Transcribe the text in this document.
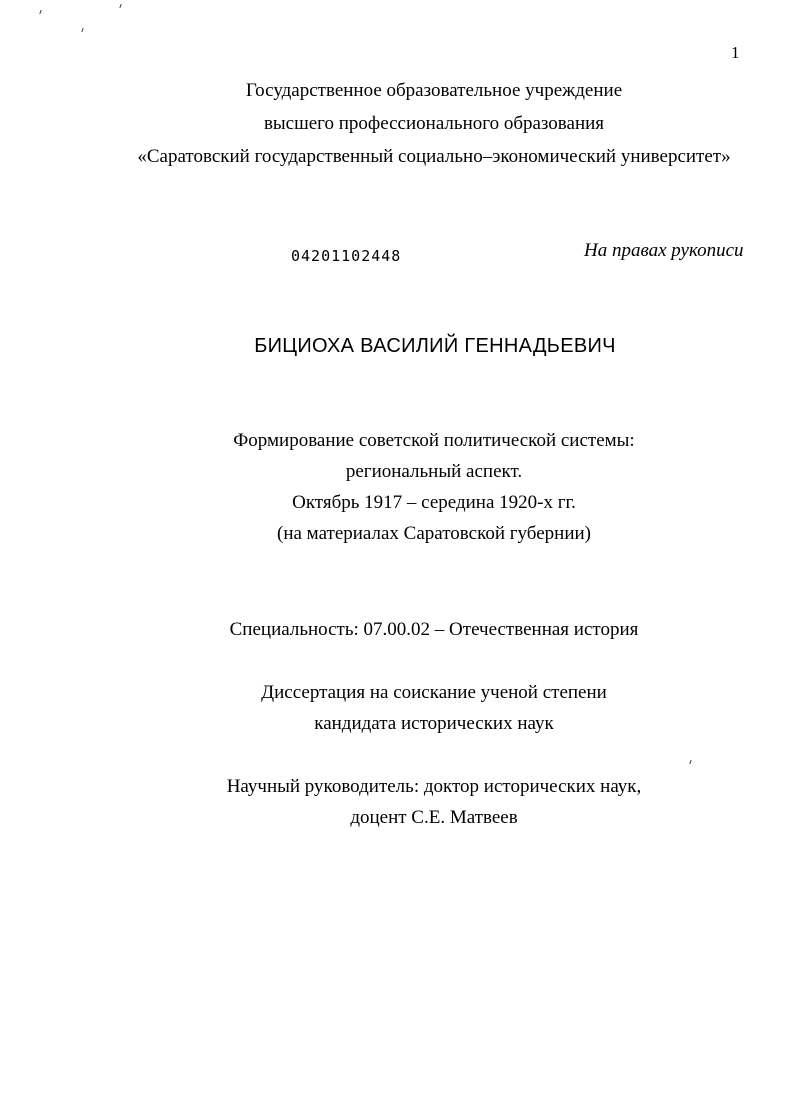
1
Государственное образовательное учреждение
высшего профессионального образования
«Саратовский государственный социально–экономический университет»
04201102448	На правах рукописи
БИЦИОХА ВАСИЛИЙ ГЕННАДЬЕВИЧ
Формирование советской политической системы:
региональный аспект.
Октябрь 1917 – середина 1920-х гг.
(на материалах Саратовской губернии)
Специальность: 07.00.02 – Отечественная история
Диссертация на соискание ученой степени
кандидата исторических наук
Научный руководитель: доктор исторических наук,
доцент С.Е. Матвеев
